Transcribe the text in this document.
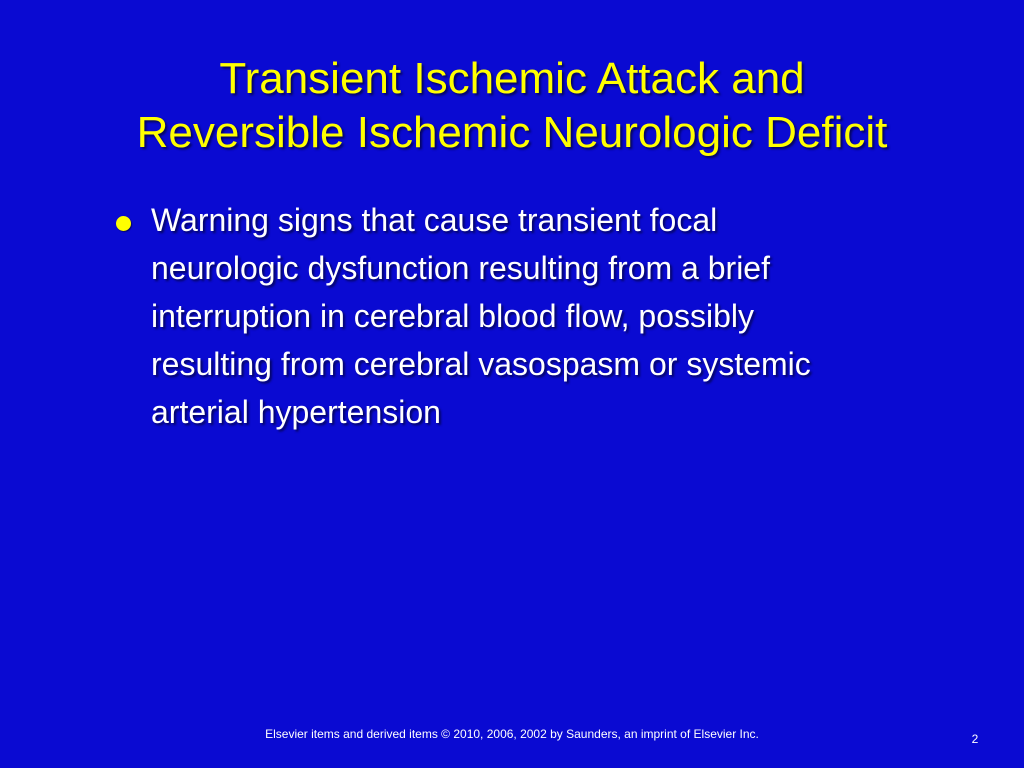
Transient Ischemic Attack and
Reversible Ischemic Neurologic Deficit
Warning signs that cause transient focal neurologic dysfunction resulting from a brief interruption in cerebral blood flow, possibly resulting from cerebral vasospasm or systemic arterial hypertension
Elsevier items and derived items © 2010, 2006, 2002 by Saunders, an imprint of Elsevier Inc.	2
